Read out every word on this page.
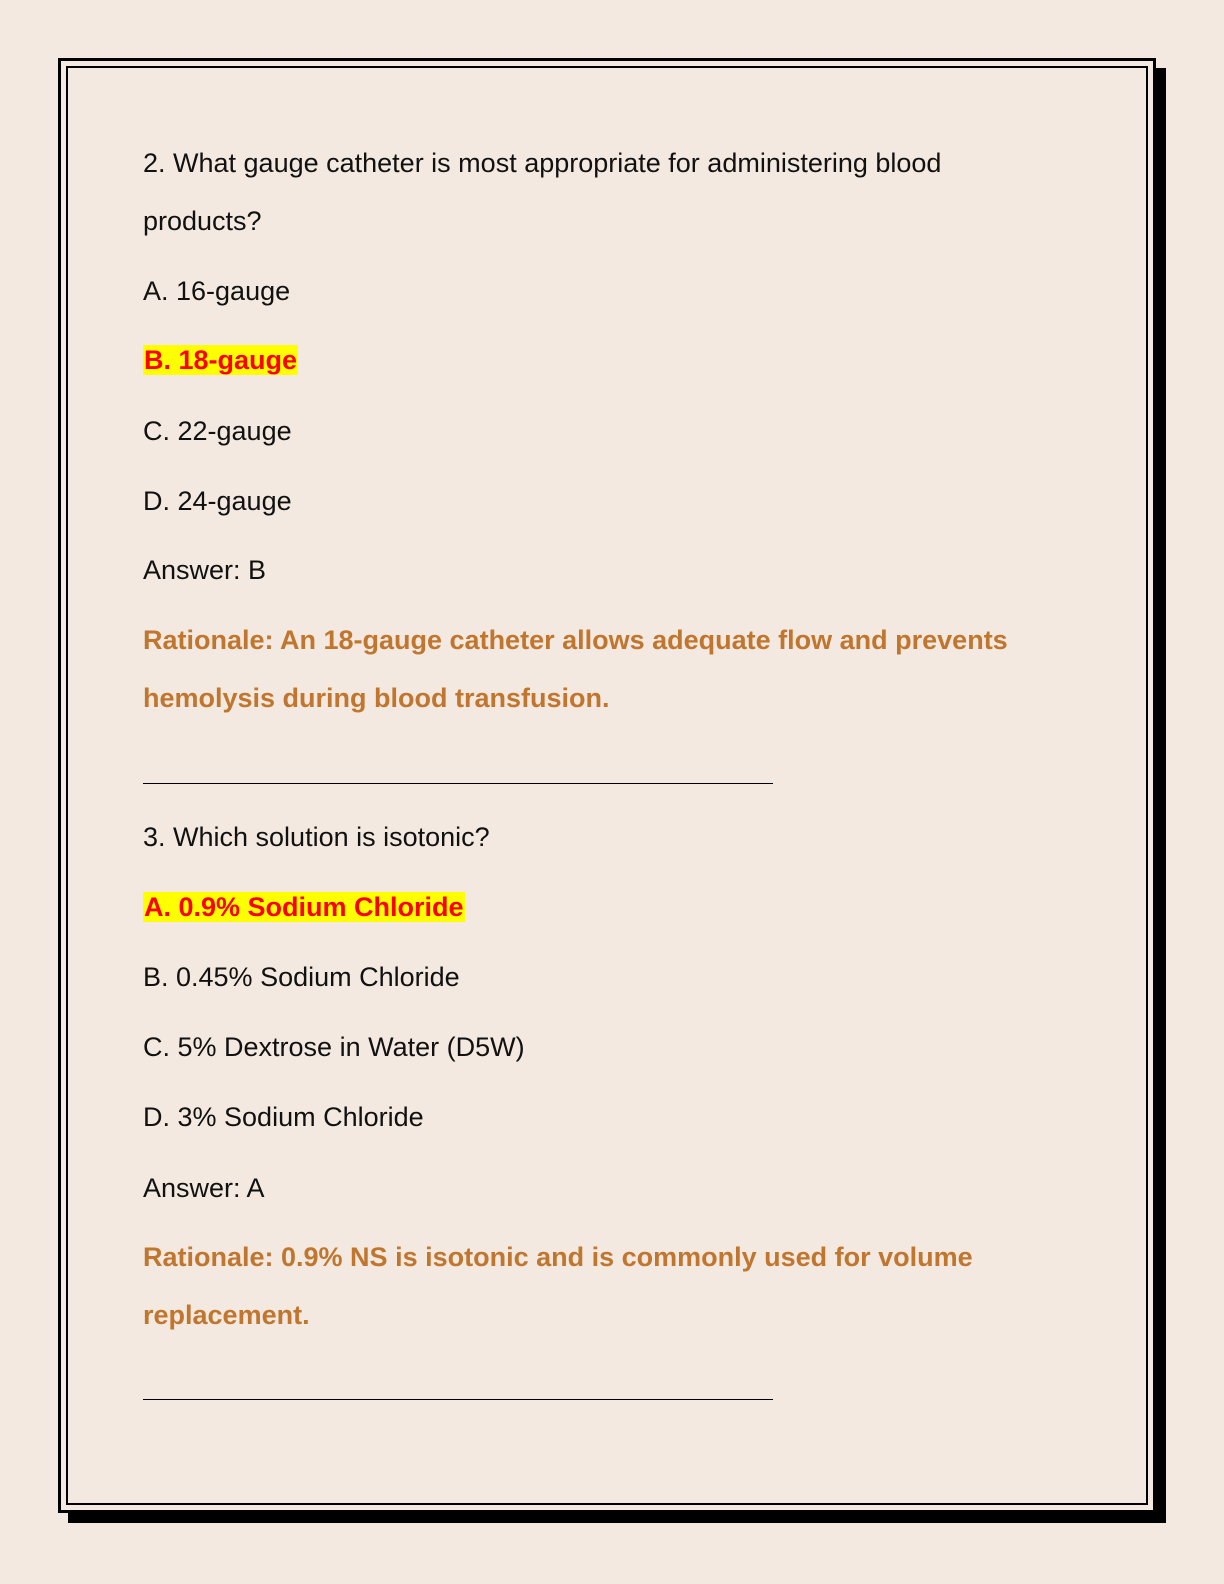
2. What gauge catheter is most appropriate for administering blood
products?
A. 16-gauge
B. 18-gauge
C. 22-gauge
D. 24-gauge
Answer: B
Rationale: An 18-gauge catheter allows adequate flow and prevents
hemolysis during blood transfusion.
3. Which solution is isotonic?
A. 0.9% Sodium Chloride
B. 0.45% Sodium Chloride
C. 5% Dextrose in Water (D5W)
D. 3% Sodium Chloride
Answer: A
Rationale: 0.9% NS is isotonic and is commonly used for volume
replacement.
